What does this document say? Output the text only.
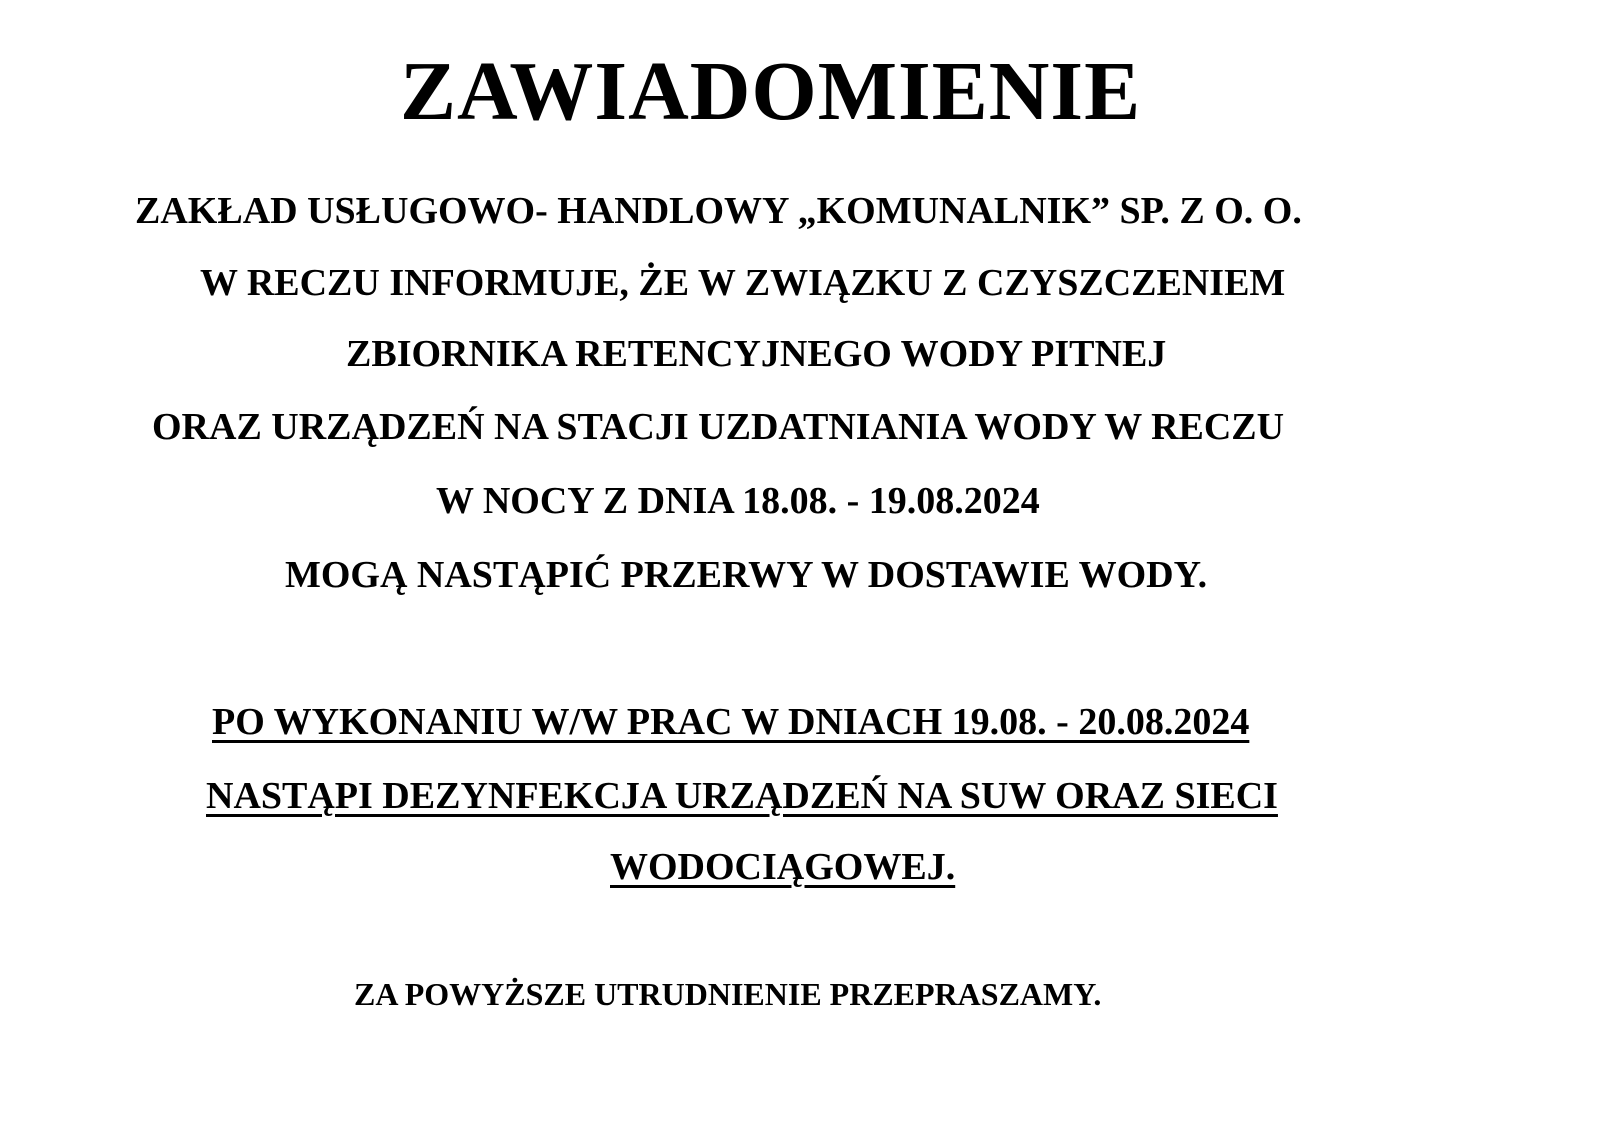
ZAWIADOMIENIE
ZAKŁAD USŁUGOWO- HANDLOWY „KOMUNALNIK” SP. Z O. O.
W RECZU INFORMUJE, ŻE W ZWIĄZKU Z CZYSZCZENIEM
ZBIORNIKA RETENCYJNEGO WODY PITNEJ
ORAZ URZĄDZEŃ NA STACJI UZDATNIANIA WODY W RECZU
W NOCY Z DNIA 18.08. - 19.08.2024
MOGĄ NASTĄPIĆ PRZERWY W DOSTAWIE WODY.
PO WYKONANIU W/W PRAC W DNIACH 19.08. - 20.08.2024
NASTĄPI DEZYNFEKCJA URZĄDZEŃ NA SUW ORAZ SIECI
WODOCIĄGOWEJ.
ZA POWYŻSZE UTRUDNIENIE PRZEPRASZAMY.
